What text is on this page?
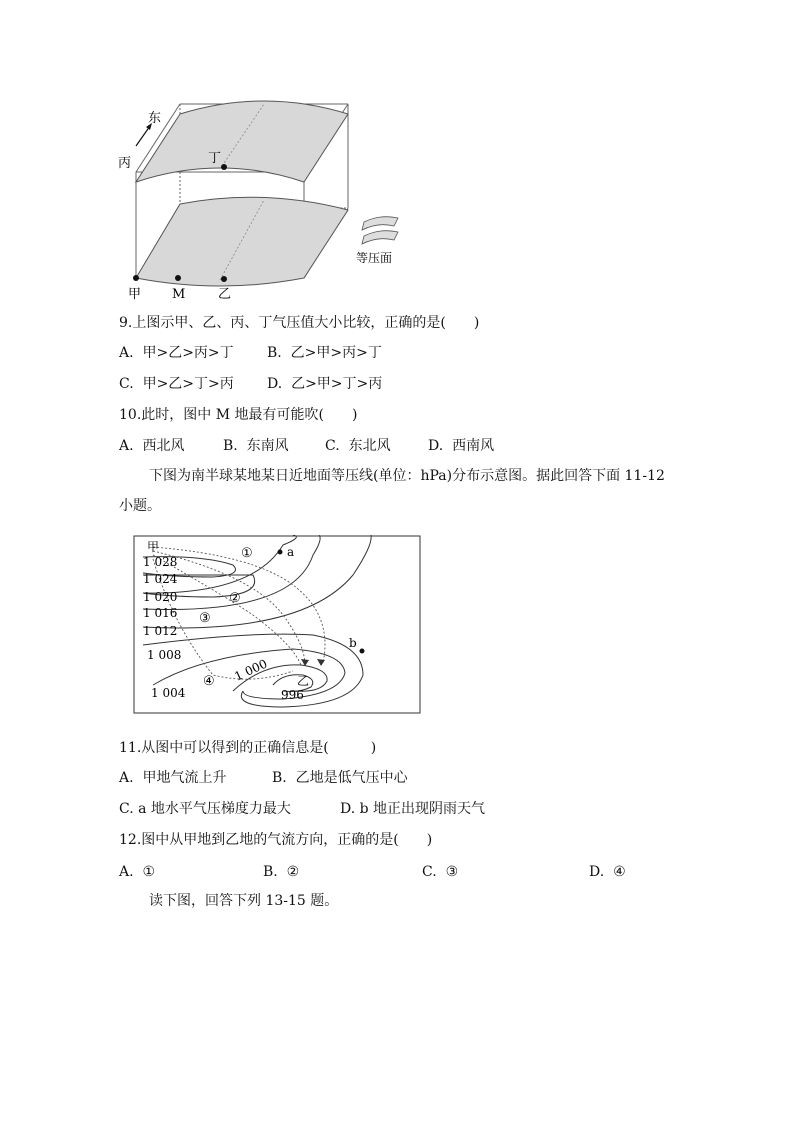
东
丙	丁
甲 M	乙
等压面
9.上图示甲、乙、丙、丁气压值大小比较，正确的是(　　)
A.  甲>乙>丙>丁 B.  乙>甲>丙>丁
C.  甲>乙>丁>丙 D.  乙>甲>丁>丙
10.此时，图中 M 地最有可能吹(　　)
A.  西北风	B.  东南风	C.  东北风	D.  西南风
下图为南半球某地某日近地面等压线(单位：hPa)分布示意图。据此回答下面 11-12 小题。
甲
1 028
1 024
1 020
1 016
1 012
1 008
1 004
1 000
996
乙
a
b
①
②
③
④
11.从图中可以得到的正确信息是(　　　)
A.  甲地气流上升	B.  乙地是低气压中心
C. a 地水平气压梯度力最大	D. b 地正出现阴雨天气
12.图中从甲地到乙地的气流方向，正确的是(　　)
A.  ①	B.  ②	C.  ③	D.  ④
读下图，回答下列 13-15 题。
